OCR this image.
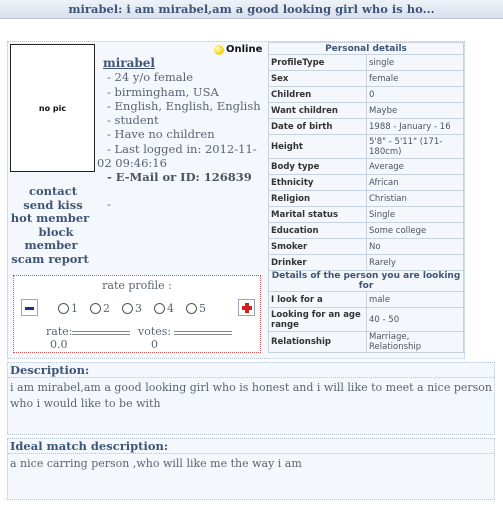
mirabel: i am mirabel,am a good looking girl who is ho...
no pic
contact
send kiss
hot member
block
member
scam report
Online
mirabel
- 24 y/o female
- birmingham, USA
- English, English, English
- student
- Have no children
- Last logged in: 2012-11-02 09:46:16
- E-Mail or ID: 126839
-
Personal details	
ProfileType	single
Sex	female
Children	0
Want children	Maybe
Date of birth	1988 - January - 16
Height	5'8" - 5'11" (171-180cm)
Body type	Average
Ethnicity	African
Religion	Christian
Marital status	Single
Education	Some college
Smoker	No
Drinker	Rarely
Details of the person you are looking for	
I look for a	male
Looking for an age range	40 - 50
Relationship	Marriage, Relationship
rate profile :
1 2 3 4 5
rate:
0.0
votes:
0
Description:

i am mirabel,am a good looking girl who is honest and i will like to meet a nice person who i would like to be with

Ideal match description:

a nice carring person ,who will like me the way i am
